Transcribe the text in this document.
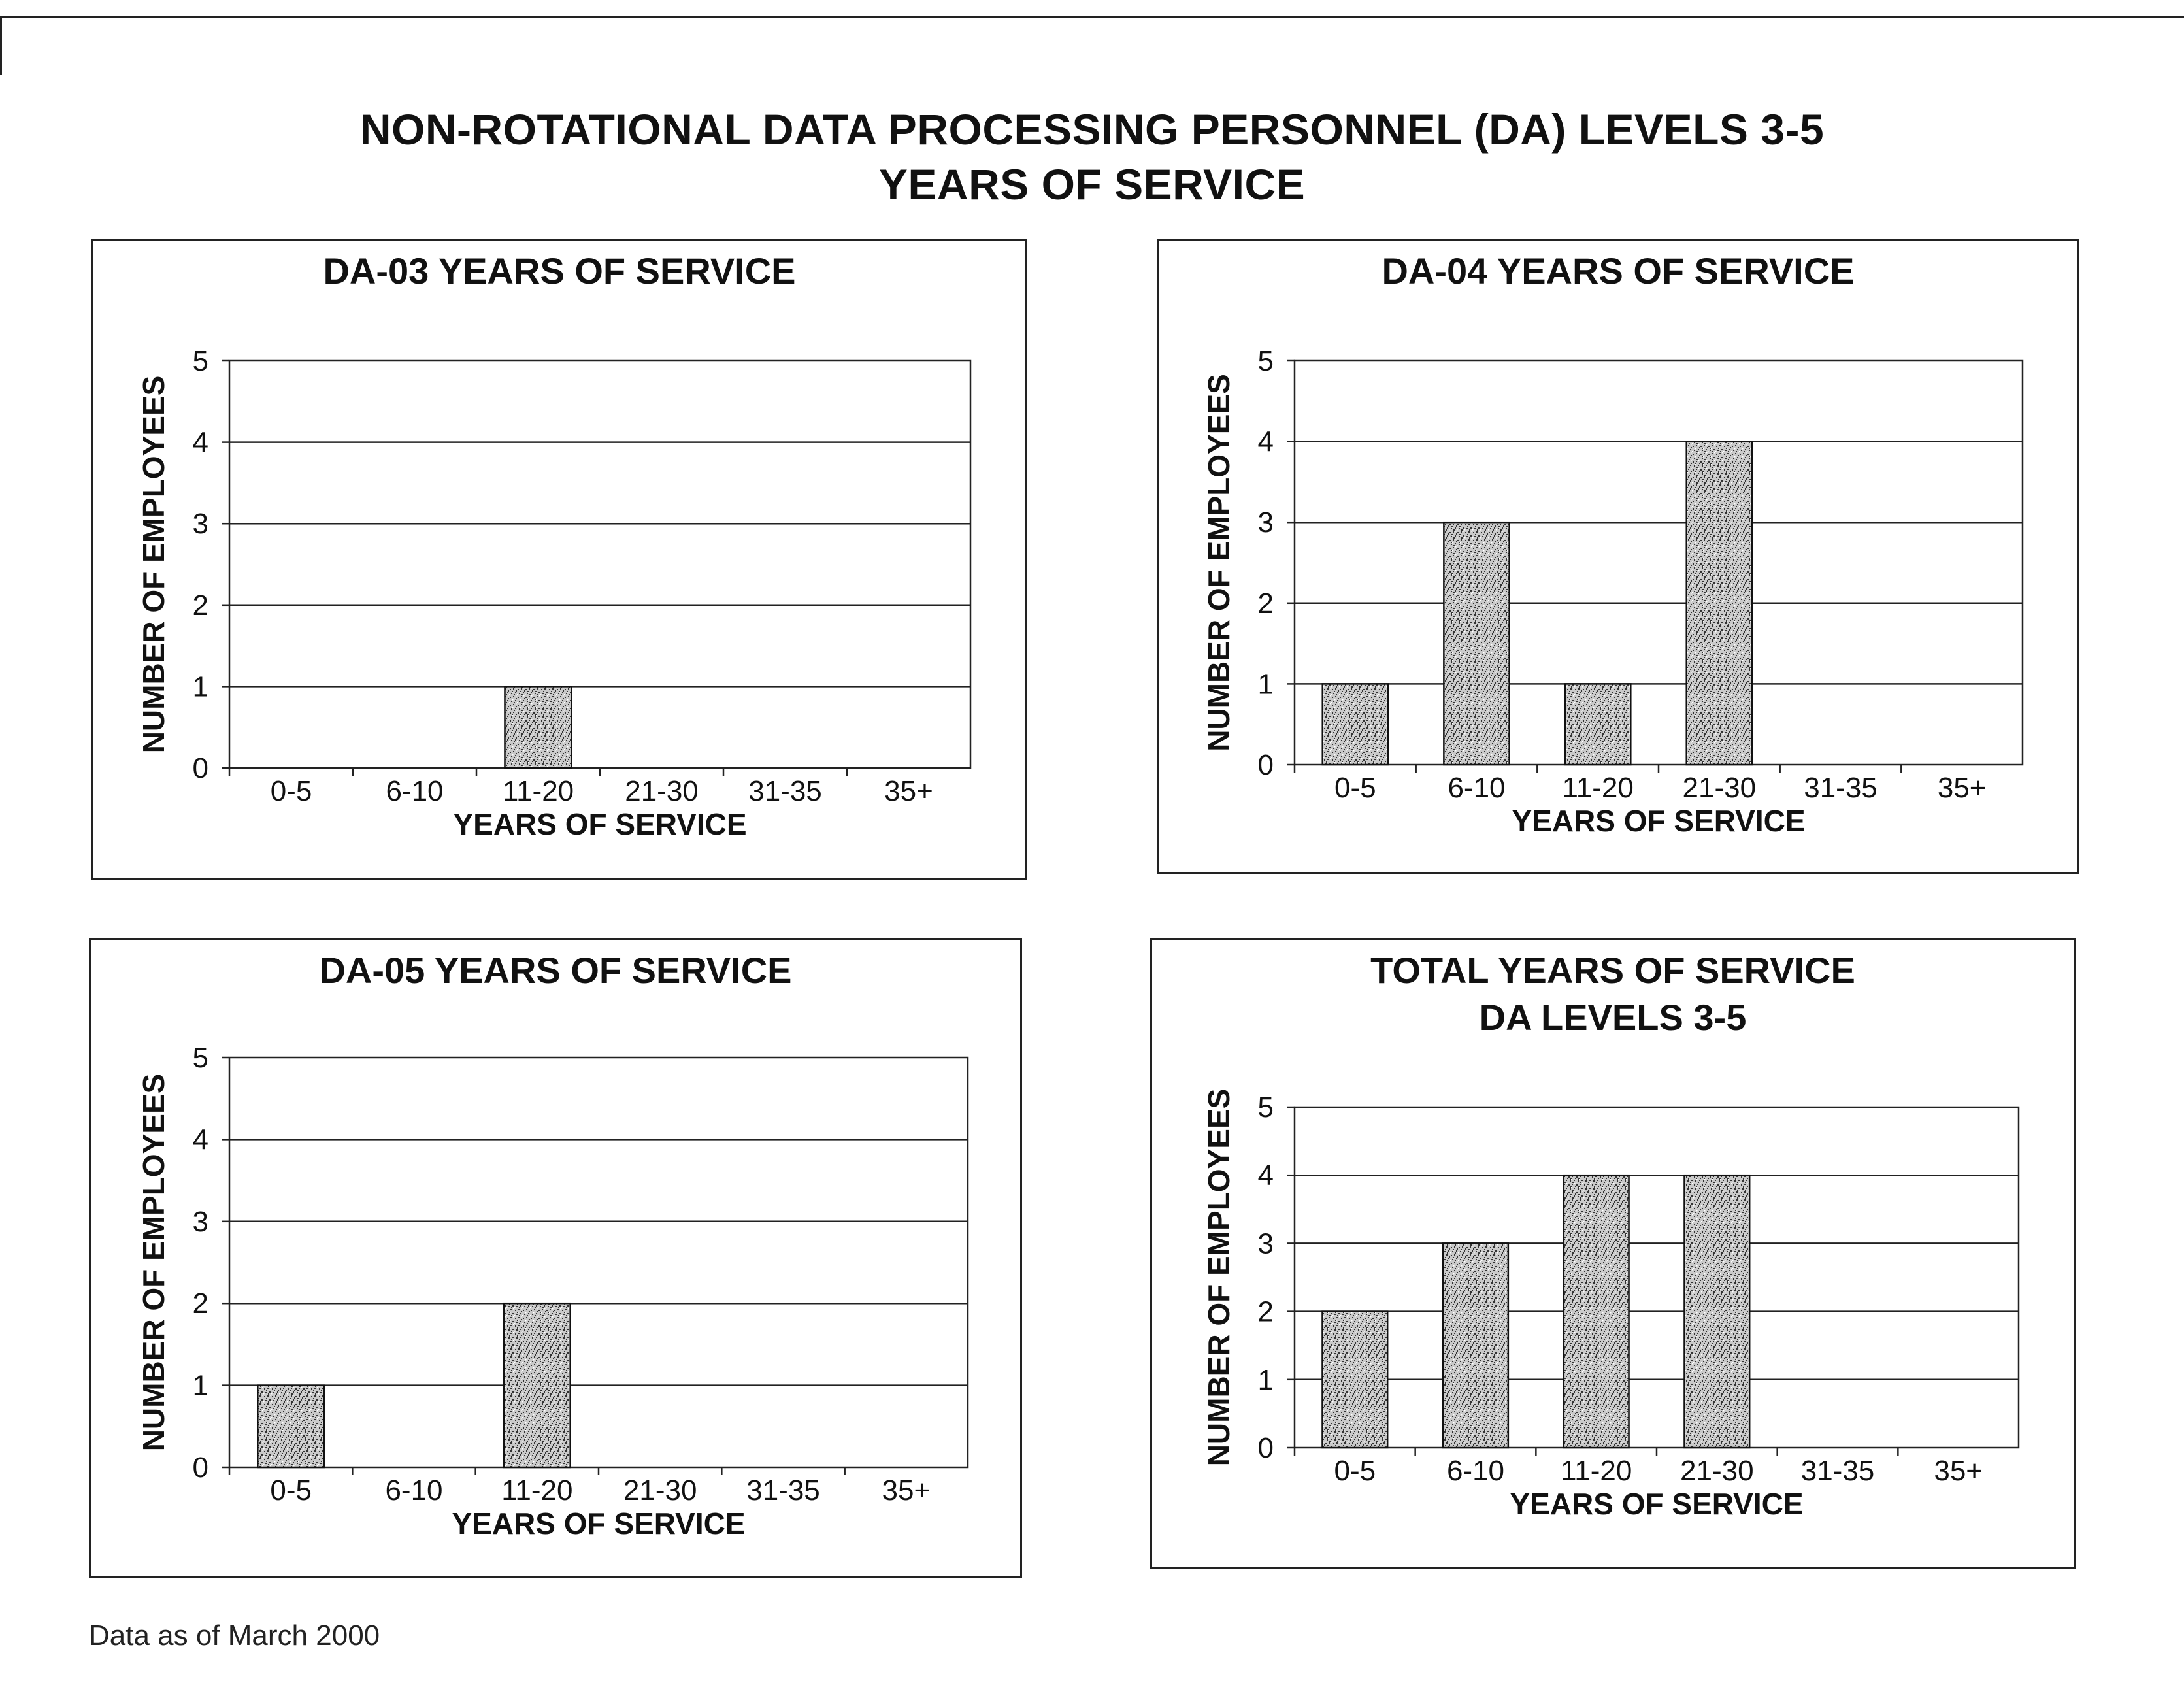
NON-ROTATIONAL DATA PROCESSING PERSONNEL (DA) LEVELS 3-5
YEARS OF SERVICE
DA-03 YEARS OF SERVICE
0
1
2
3
4
5
0-5	6-10 11-20 21-30 31-35 35+
YEARS OF SERVICE
NUMBER OF EMPLOYEES
DA-04 YEARS OF SERVICE
0
1
2
3
4
5
0-5 6-10 11-20 21-30 31-35 35+
YEARS OF SERVICE
NUMBER OF EMPLOYEES
DA-05 YEARS OF SERVICE
0
1
2
3
4
5
0-5	6-10 11-20 21-30 31-35 35+
YEARS OF SERVICE
NUMBER OF EMPLOYEES
TOTAL YEARS OF SERVICE
DA LEVELS 3-5
0
1
2
3
4
5
0-5 6-10 11-20 21-30 31-35 35+
YEARS OF SERVICE
NUMBER OF EMPLOYEES
Data as of March 2000
